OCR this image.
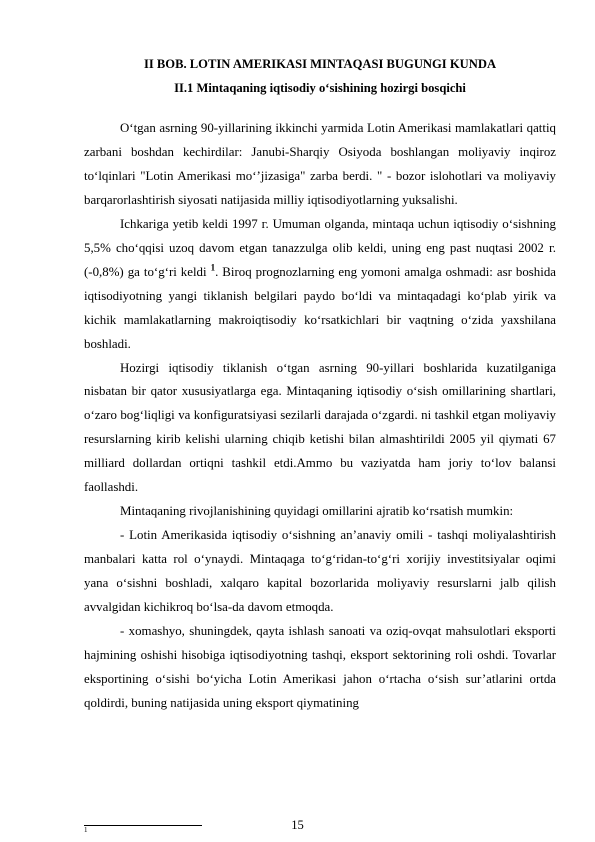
II BOB. LOTIN AMERIKASI MINTAQASI BUGUNGI KUNDA
II.1 Mintaqaning iqtisodiy o‘sishining hozirgi bosqichi

O‘tgan asrning 90-yillarining ikkinchi yarmida Lotin Amerikasi mamlakatlari qattiq zarbani boshdan kechirdilar: Janubi-Sharqiy Osiyoda boshlangan moliyaviy inqiroz to‘lqinlari "Lotin Amerikasi mo‘’jizasiga" zarba berdi. " - bozor islohotlari va moliyaviy barqarorlashtirish siyosati natijasida milliy iqtisodiyotlarning yuksalishi.

Ichkariga yetib keldi 1997 г. Umuman olganda, mintaqa uchun iqtisodiy o‘sishning 5,5% cho‘qqisi uzoq davom etgan tanazzulga olib keldi, uning eng past nuqtasi 2002 г.(-0,8%) ga to‘g‘ri keldi $^1$. Biroq prognozlarning eng yomoni amalga oshmadi: asr boshida iqtisodiyotning yangi tiklanish belgilari paydo bo‘ldi va mintaqadagi ko‘plab yirik va kichik mamlakatlarning makroiqtisodiy ko‘rsatkichlari bir vaqtning o‘zida yaxshilana boshladi.

Hozirgi iqtisodiy tiklanish o‘tgan asrning 90-yillari boshlarida kuzatilganiga nisbatan bir qator xususiyatlarga ega. Mintaqaning iqtisodiy o‘sish omillarining shartlari, o‘zaro bog‘liqligi va konfiguratsiyasi sezilarli darajada o‘zgardi. ni tashkil etgan moliyaviy resurslarning kirib kelishi ularning chiqib ketishi bilan almashtirildi 2005 yil qiymati 67 milliard dollardan ortiqni tashkil etdi.Ammo bu vaziyatda ham joriy to‘lov balansi faollashdi.

Mintaqaning rivojlanishining quyidagi omillarini ajratib ko‘rsatish mumkin:

- Lotin Amerikasida iqtisodiy o‘sishning an’anaviy omili - tashqi moliyalashtirish manbalari katta rol o‘ynaydi. Mintaqaga to‘g‘ridan-to‘g‘ri xorijiy investitsiyalar oqimi yana o‘sishni boshladi, xalqaro kapital bozorlarida moliyaviy resurslarni jalb qilish avvalgidan kichikroq bo‘lsa-da davom etmoqda.

- xomashyo, shuningdek, qayta ishlash sanoati va oziq-ovqat mahsulotlari eksporti hajmining oshishi hisobiga iqtisodiyotning tashqi, eksport sektorining roli oshdi. Tovarlar eksportining o‘sishi bo‘yicha Lotin Amerikasi jahon o‘rtacha o‘sish sur’atlarini ortda qoldirdi, buning natijasida uning eksport qiymatining

1	15
